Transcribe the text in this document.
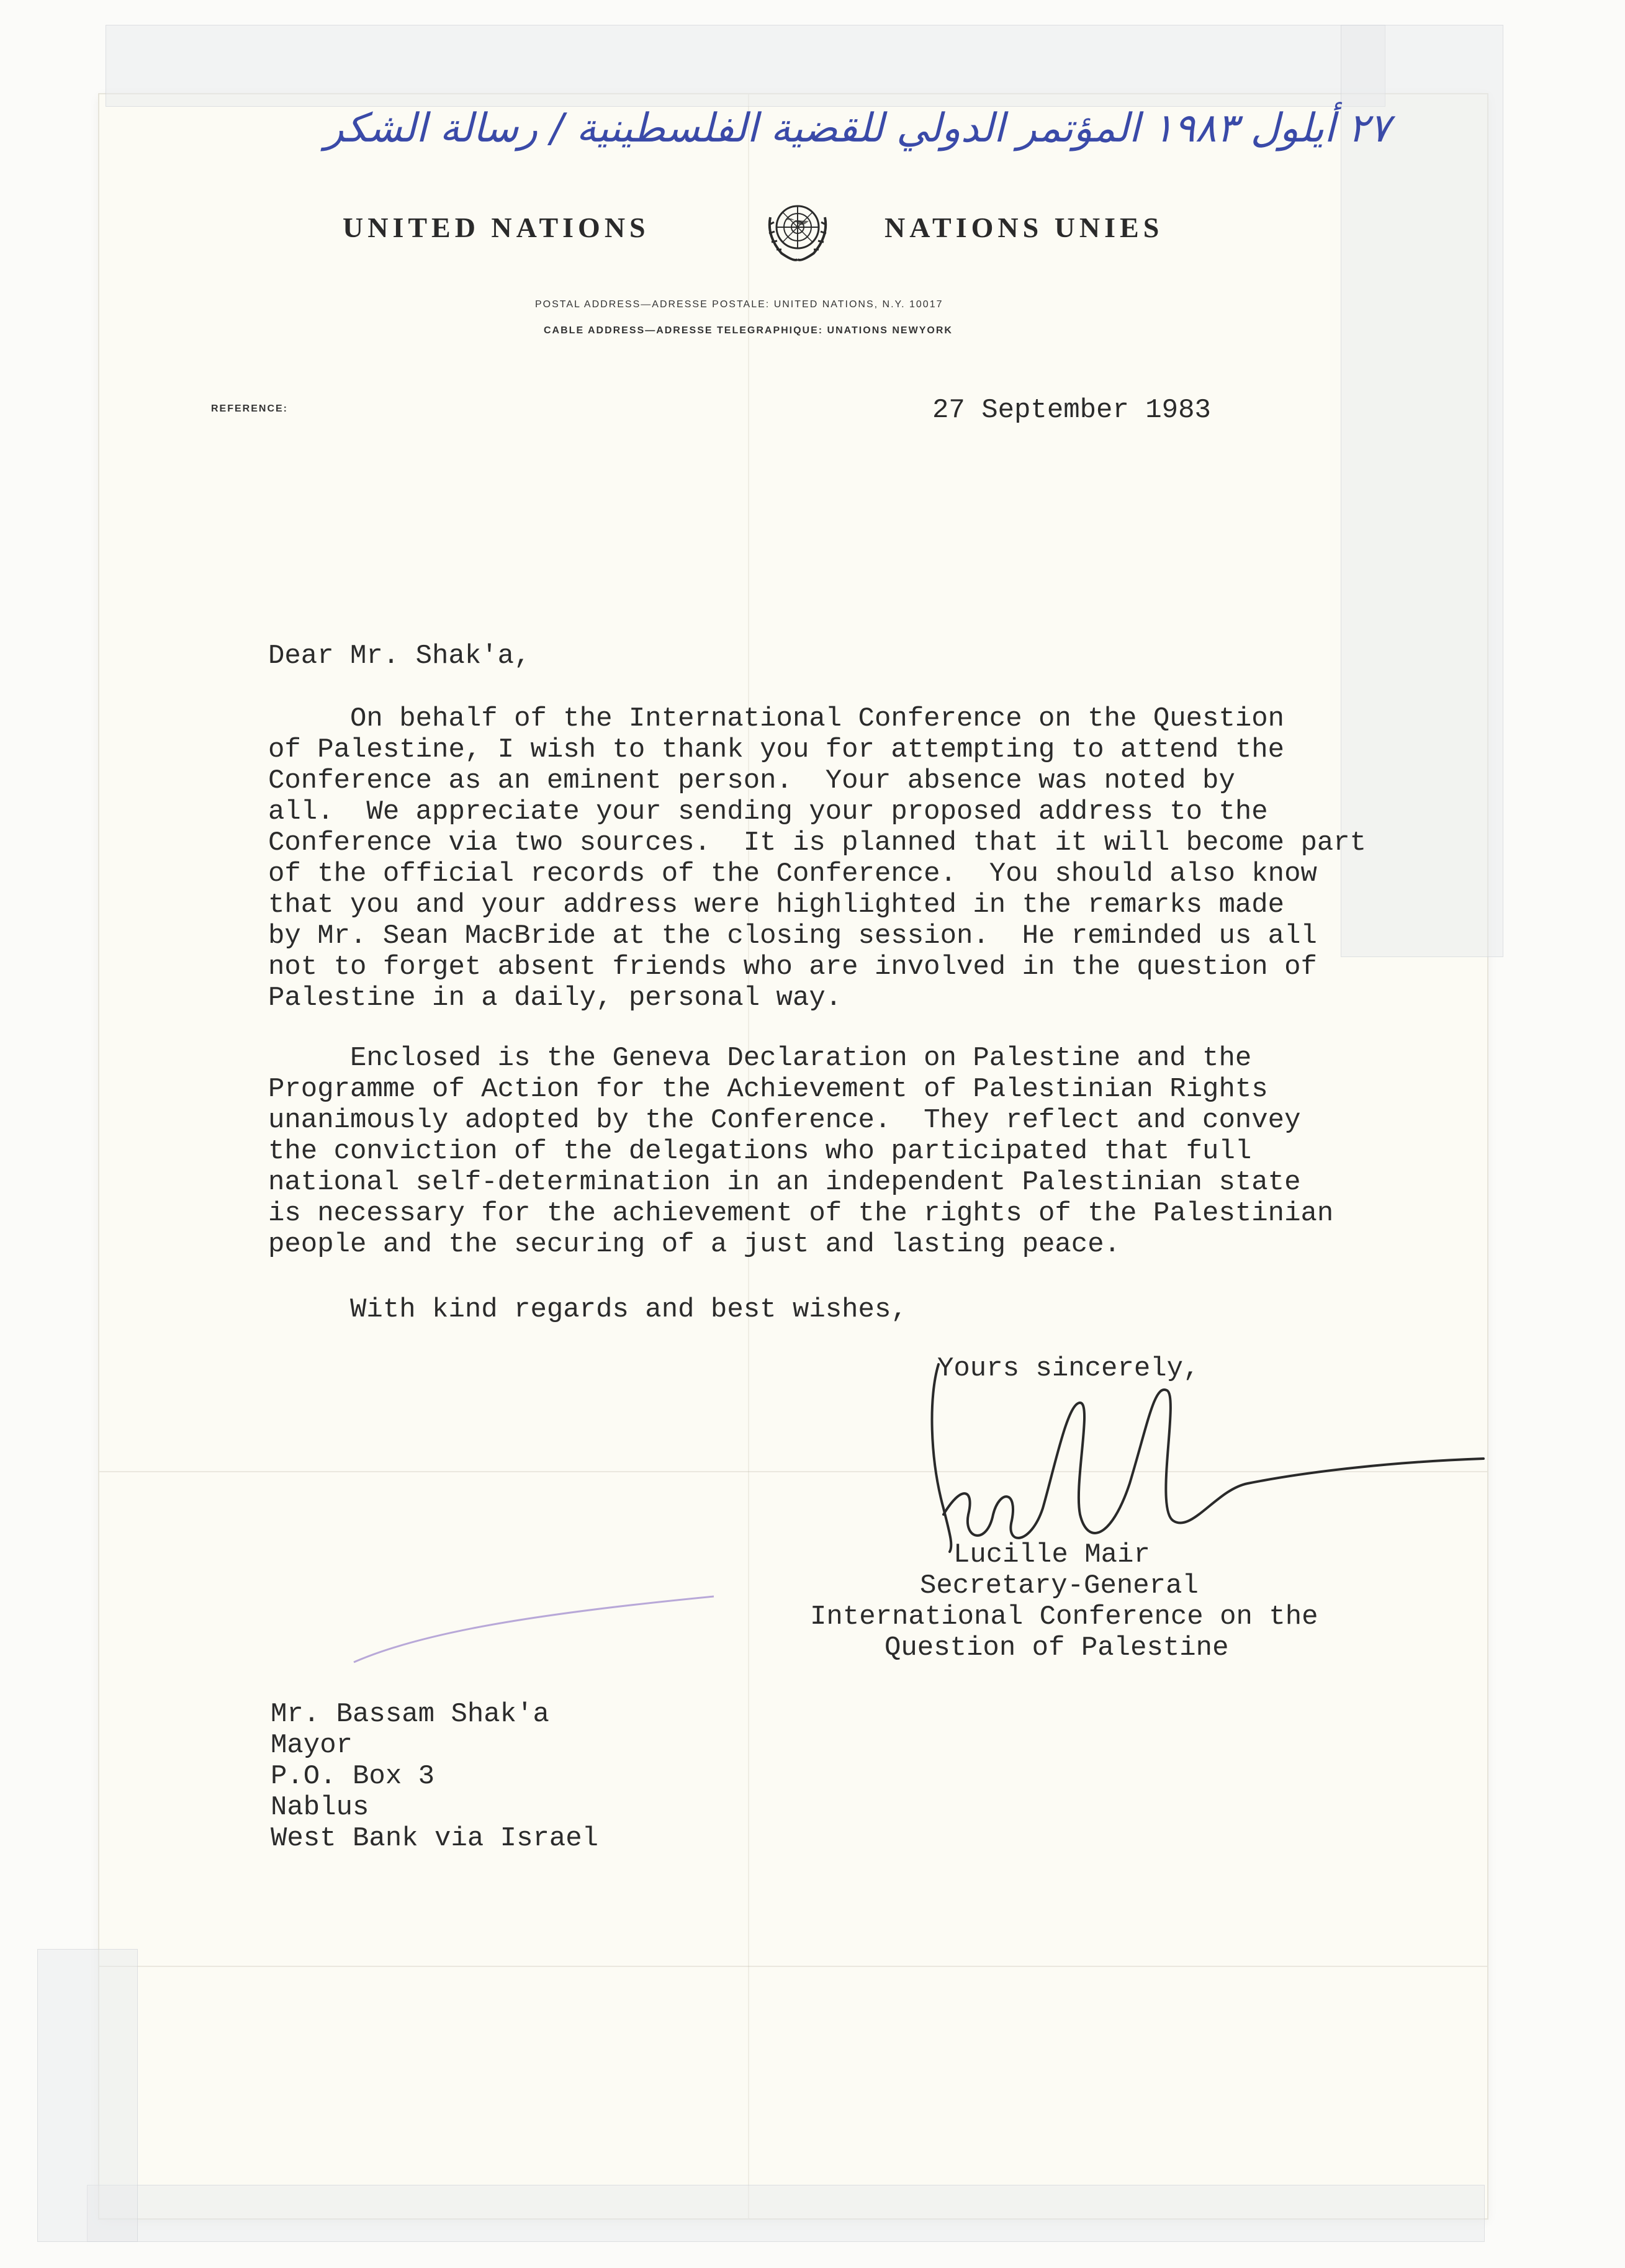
٢٧ أيلول ١٩٨٣ المؤتمر الدولي للقضية الفلسطينية / رسالة الشكر
UNITED NATIONS	NATIONS UNIES
POSTAL ADDRESS—ADRESSE POSTALE: UNITED NATIONS, N.Y. 10017
CABLE ADDRESS—ADRESSE TELEGRAPHIQUE: UNATIONS NEWYORK
REFERENCE:	27 September 1983
Dear Mr. Shak'a,
On behalf of the International Conference on the Question
of Palestine, I wish to thank you for attempting to attend the
Conference as an eminent person.  Your absence was noted by
all.  We appreciate your sending your proposed address to the
Conference via two sources.  It is planned that it will become part
of the official records of the Conference.  You should also know
that you and your address were highlighted in the remarks made
by Mr. Sean MacBride at the closing session.  He reminded us all
not to forget absent friends who are involved in the question of
Palestine in a daily, personal way.
Enclosed is the Geneva Declaration on Palestine and the
Programme of Action for the Achievement of Palestinian Rights
unanimously adopted by the Conference.  They reflect and convey
the conviction of the delegations who participated that full
national self-determination in an independent Palestinian state
is necessary for the achievement of the rights of the Palestinian
people and the securing of a just and lasting peace.
With kind regards and best wishes,
Yours sincerely,
Lucille Mair
Secretary-General
International Conference on the
Question of Palestine
Mr. Bassam Shak'a
Mayor
P.O. Box 3
Nablus
West Bank via Israel
